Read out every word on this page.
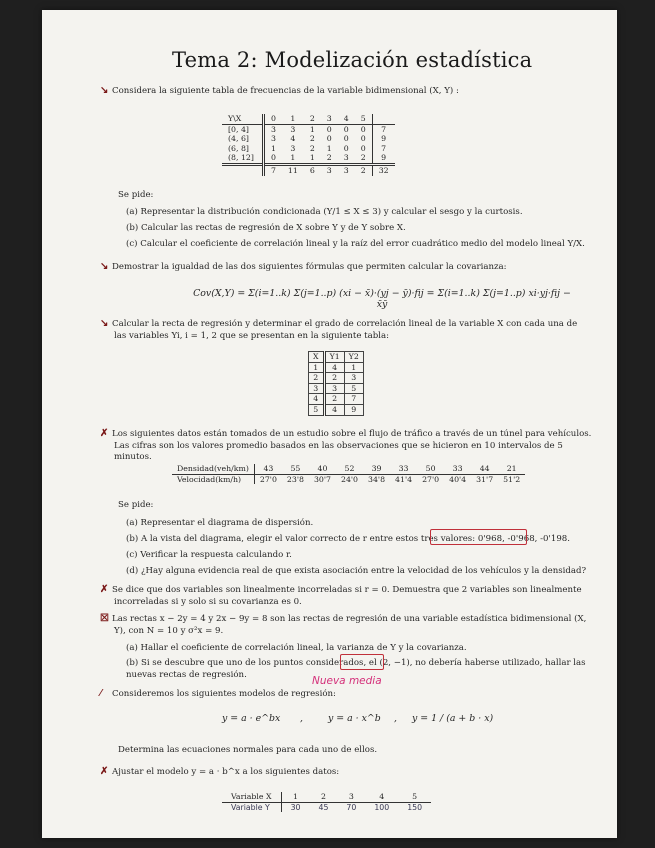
Tema 2: Modelización estadística
↘ Considera la siguiente tabla de frecuencias de la variable bidimensional (X, Y) :
Y\X	0	1	2	3	4	5	
[0, 4]	3	3	1	0	0	0	7
(4, 6]	3	4	2	0	0	0	9
(6, 8]	1	3	2	1	0	0	7
(8, 12]	0	1	1	2	3	2	9
	7	11	6	3	3	2	32
Se pide:
(a) Representar la distribución condicionada (Y/1 ≤ X ≤ 3) y calcular el sesgo y la curtosis.
(b) Calcular las rectas de regresión de X sobre Y y de Y sobre X.
(c) Calcular el coeficiente de correlación lineal y la raíz del error cuadrático medio del modelo lineal Y/X.
↘ Demostrar la igualdad de las dos siguientes fórmulas que permiten calcular la covarianza:
Cov(X,Y) = Σ(i=1..k) Σ(j=1..p) (xi − x̄)·(yj − ȳ)·fij = Σ(i=1..k) Σ(j=1..p) xi·yj·fij − x̄ȳ
↘ Calcular la recta de regresión y determinar el grado de correlación lineal de la variable X con cada una de las variables Yi, i = 1, 2 que se presentan en la siguiente tabla:
X	Y1	Y2
1	4	1
2	2	3
3	3	5
4	2	7
5	4	9
✗ Los siguientes datos están tomados de un estudio sobre el flujo de tráfico a través de un túnel para vehículos. Las cifras son los valores promedio basados en las observaciones que se hicieron en 10 intervalos de 5 minutos.
Densidad(veh/km)	43	55	40	52	39	33	50	33	44	21
Velocidad(km/h)	27'0	23'8	30'7	24'0	34'8	41'4	27'0	40'4	31'7	51'2
Se pide:
(a) Representar el diagrama de dispersión.
(b) A la vista del diagrama, elegir el valor correcto de r entre estos tres valores: 0'968, -0'968, -0'198.
(c) Verificar la respuesta calculando r.
(d) ¿Hay alguna evidencia real de que exista asociación entre la velocidad de los vehículos y la densidad?
✗ Se dice que dos variables son linealmente incorreladas si r = 0. Demuestra que 2 variables son linealmente incorreladas si y solo si su covarianza es 0.
☒ Las rectas x − 2y = 4 y 2x − 9y = 8 son las rectas de regresión de una variable estadística bidimensional (X, Y), con N = 10 y σ²x = 9.
(a) Hallar el coeficiente de correlación lineal, la varianza de Y y la covarianza.
(b) Si se descubre que uno de los puntos considerados, el (2, −1), no debería haberse utilizado, hallar las nuevas rectas de regresión.
Nueva media
⁄ Consideremos los siguientes modelos de regresión:
y = a · e^bx ,	y = a · x^b , y = 1 / (a + b · x)
Determina las ecuaciones normales para cada uno de ellos.
✗ Ajustar el modelo y = a · b^x a los siguientes datos:
Variable X	1	2	3	4	5
Variable Y	30	45	70	100	150
